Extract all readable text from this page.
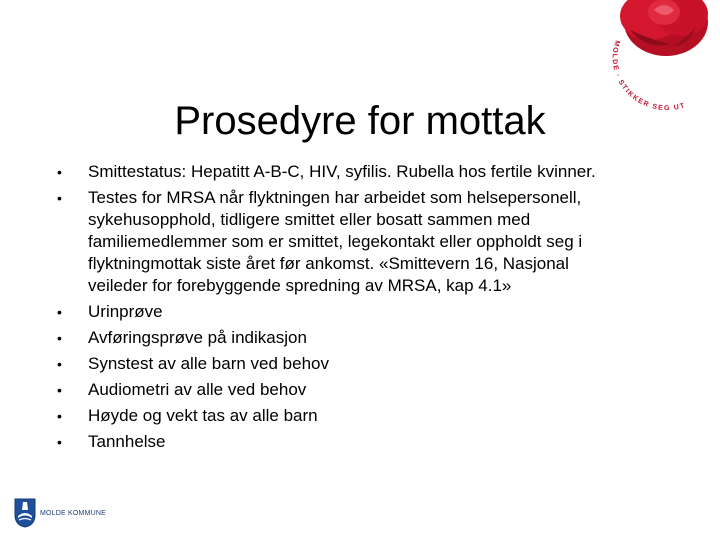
MOLDE · STIKKER SEG UT
Prosedyre for mottak
• Smittestatus: Hepatitt A-B-C, HIV, syfilis. Rubella hos fertile kvinner.
• Testes for MRSA når flyktningen har arbeidet som helsepersonell, sykehusopphold, tidligere smittet eller bosatt sammen med familiemedlemmer som er smittet, legekontakt eller oppholdt seg i flyktningmottak siste året før ankomst. «Smittevern 16, Nasjonal veileder for forebyggende spredning av MRSA, kap 4.1»
• Urinprøve
• Avføringsprøve på indikasjon
• Synstest av alle barn ved behov
• Audiometri av alle ved behov
• Høyde og vekt tas av alle barn
• Tannhelse
MOLDE KOMMUNE
